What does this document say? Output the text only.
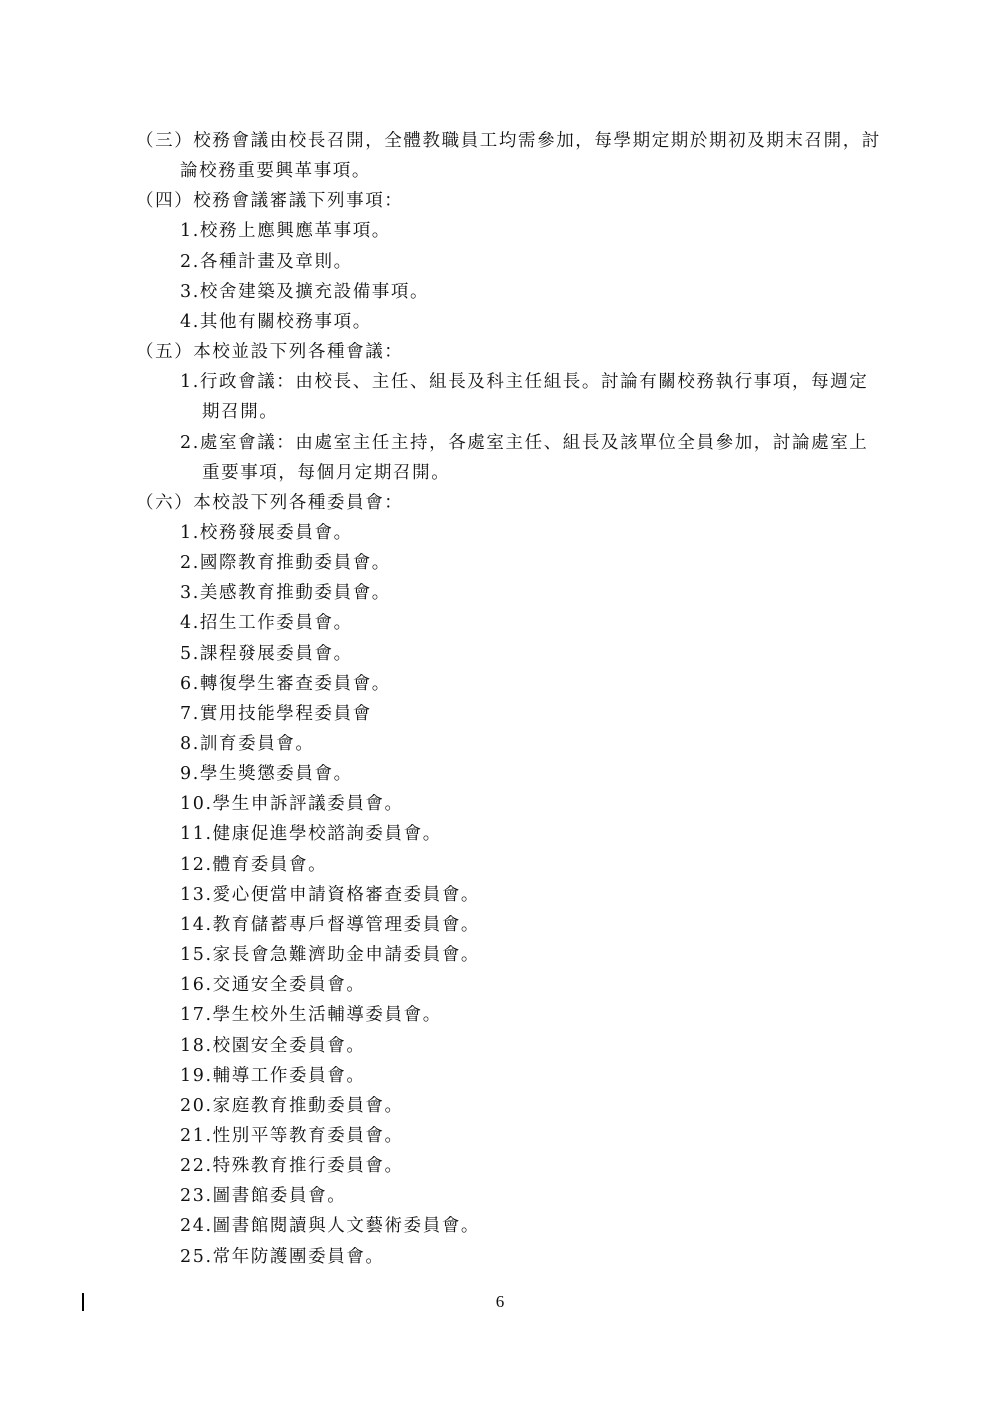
（三）校務會議由校長召開，全體教職員工均需參加，每學期定期於期初及期末召開，討
論校務重要興革事項。
（四）校務會議審議下列事項：
1.校務上應興應革事項。
2.各種計畫及章則。
3.校舍建築及擴充設備事項。
4.其他有關校務事項。
（五）本校並設下列各種會議：
1.行政會議：由校長、主任、組長及科主任組長。討論有關校務執行事項，每週定
期召開。
2.處室會議：由處室主任主持，各處室主任、組長及該單位全員參加，討論處室上
重要事項，每個月定期召開。
（六）本校設下列各種委員會：
1.校務發展委員會。
2.國際教育推動委員會。
3.美感教育推動委員會。
4.招生工作委員會。
5.課程發展委員會。
6.轉復學生審查委員會。
7.實用技能學程委員會
8.訓育委員會。
9.學生獎懲委員會。
10.學生申訴評議委員會。
11.健康促進學校諮詢委員會。
12.體育委員會。
13.愛心便當申請資格審查委員會。
14.教育儲蓄專戶督導管理委員會。
15.家長會急難濟助金申請委員會。
16.交通安全委員會。
17.學生校外生活輔導委員會。
18.校園安全委員會。
19.輔導工作委員會。
20.家庭教育推動委員會。
21.性別平等教育委員會。
22.特殊教育推行委員會。
23.圖書館委員會。
24.圖書館閱讀與人文藝術委員會。
25.常年防護團委員會。
6
